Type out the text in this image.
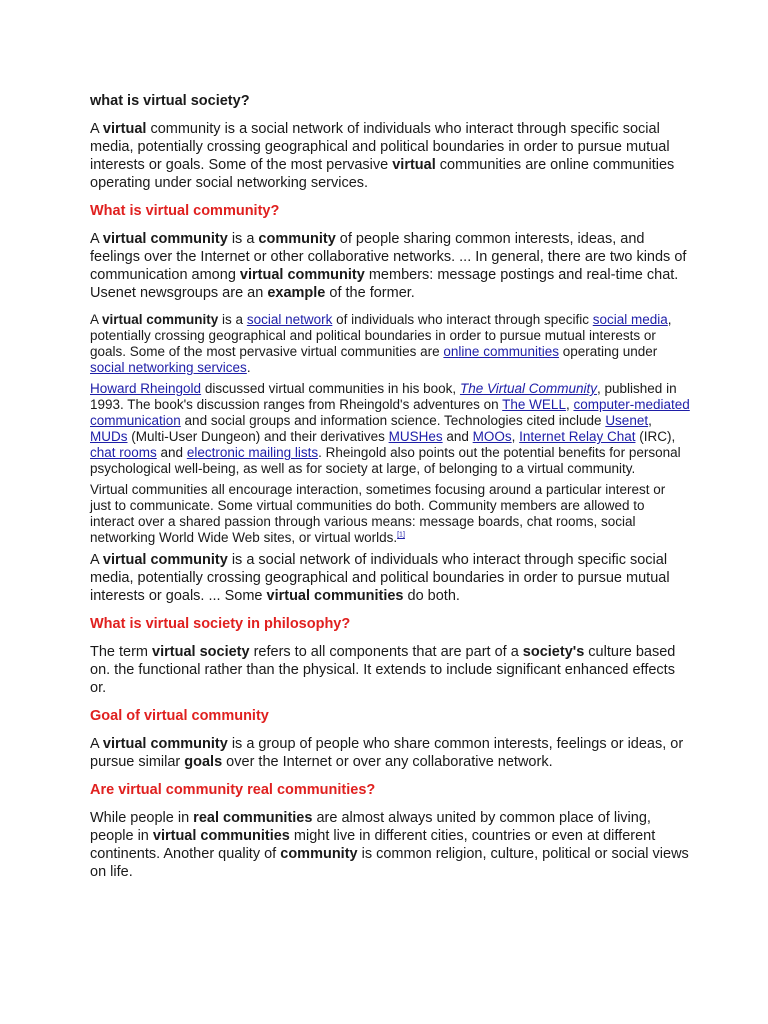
what is virtual society?

A virtual community is a social network of individuals who interact through specific social media, potentially crossing geographical and political boundaries in order to pursue mutual interests or goals. Some of the most pervasive virtual communities are online communities operating under social networking services.

What is virtual community?

A virtual community is a community of people sharing common interests, ideas, and feelings over the Internet or other collaborative networks. ... In general, there are two kinds of communication among virtual community members: message postings and real-time chat. Usenet newsgroups are an example of the former.

A virtual community is a social network of individuals who interact through specific social media, potentially crossing geographical and political boundaries in order to pursue mutual interests or goals. Some of the most pervasive virtual communities are online communities operating under social networking services.

Howard Rheingold discussed virtual communities in his book, The Virtual Community, published in 1993. The book's discussion ranges from Rheingold's adventures on The WELL, computer-mediated communication and social groups and information science. Technologies cited include Usenet, MUDs (Multi-User Dungeon) and their derivatives MUSHes and MOOs, Internet Relay Chat (IRC), chat rooms and electronic mailing lists. Rheingold also points out the potential benefits for personal psychological well-being, as well as for society at large, of belonging to a virtual community.

Virtual communities all encourage interaction, sometimes focusing around a particular interest or just to communicate. Some virtual communities do both. Community members are allowed to interact over a shared passion through various means: message boards, chat rooms, social networking World Wide Web sites, or virtual worlds.[1]

A virtual community is a social network of individuals who interact through specific social media, potentially crossing geographical and political boundaries in order to pursue mutual interests or goals. ... Some virtual communities do both.

What is virtual society in philosophy?

The term virtual society refers to all components that are part of a society's culture based on. the functional rather than the physical. It extends to include significant enhanced effects or.

Goal of virtual community

A virtual community is a group of people who share common interests, feelings or ideas, or pursue similar goals over the Internet or over any collaborative network.

Are virtual community real communities?

While people in real communities are almost always united by common place of living, people in virtual communities might live in different cities, countries or even at different continents. Another quality of community is common religion, culture, political or social views on life.
